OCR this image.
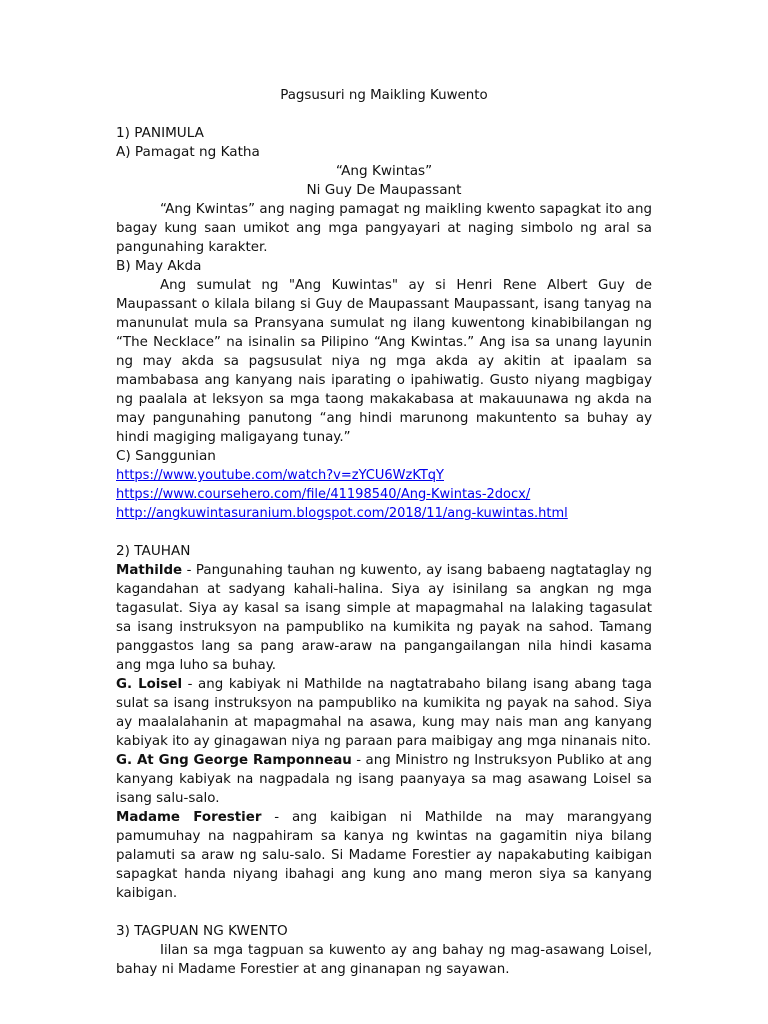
Pagsusuri ng Maikling Kuwento
1) PANIMULA
A) Pamagat ng Katha
“Ang Kwintas”
Ni Guy De Maupassant

“Ang Kwintas” ang naging pamagat ng maikling kwento sapagkat ito ang bagay kung saan umikot ang mga pangyayari at naging simbolo ng aral sa pangunahing karakter.

B) May Akda

Ang sumulat ng "Ang Kuwintas" ay si Henri Rene Albert Guy de Maupassant o kilala bilang si Guy de Maupassant Maupassant, isang tanyag na manunulat mula sa Pransyana sumulat ng ilang kuwentong kinabibilangan ng “The Necklace” na isinalin sa Pilipino “Ang Kwintas.” Ang isa sa unang layunin ng may akda sa pagsusulat niya ng mga akda ay akitin at ipaalam sa mambabasa ang kanyang nais iparating o ipahiwatig. Gusto niyang magbigay ng paalala at leksyon sa mga taong makakabasa at makauunawa ng akda na may pangunahing panutong “ang hindi marunong makuntento sa buhay ay hindi magiging maligayang tunay.”

C) Sanggunian
https://www.youtube.com/watch?v=zYCU6WzKTqY
https://www.coursehero.com/file/41198540/Ang-Kwintas-2docx/
http://angkuwintasuranium.blogspot.com/2018/11/ang-kuwintas.html
2) TAUHAN

Mathilde - Pangunahing tauhan ng kuwento, ay isang babaeng nagtataglay ng kagandahan at sadyang kahali-halina. Siya ay isinilang sa angkan ng mga tagasulat. Siya ay kasal sa isang simple at mapagmahal na lalaking tagasulat sa isang instruksyon na pampubliko na kumikita ng payak na sahod. Tamang panggastos lang sa pang araw-araw na pangangailangan nila hindi kasama ang mga luho sa buhay.

G. Loisel - ang kabiyak ni Mathilde na nagtatrabaho bilang isang abang taga sulat sa isang instruksyon na pampubliko na kumikita ng payak na sahod. Siya ay maalalahanin at mapagmahal na asawa, kung may nais man ang kanyang kabiyak ito ay ginagawan niya ng paraan para maibigay ang mga ninanais nito.

G. At Gng George Ramponneau - ang Ministro ng Instruksyon Publiko at ang kanyang kabiyak na nagpadala ng isang paanyaya sa mag asawang Loisel sa isang salu-salo.

Madame Forestier - ang kaibigan ni Mathilde na may marangyang pamumuhay na nagpahiram sa kanya ng kwintas na gagamitin niya bilang palamuti sa araw ng salu-salo. Si Madame Forestier ay napakabuting kaibigan sapagkat handa niyang ibahagi ang kung ano mang meron siya sa kanyang kaibigan.

3) TAGPUAN NG KWENTO

Iilan sa mga tagpuan sa kuwento ay ang bahay ng mag-asawang Loisel, bahay ni Madame Forestier at ang ginanapan ng sayawan.
